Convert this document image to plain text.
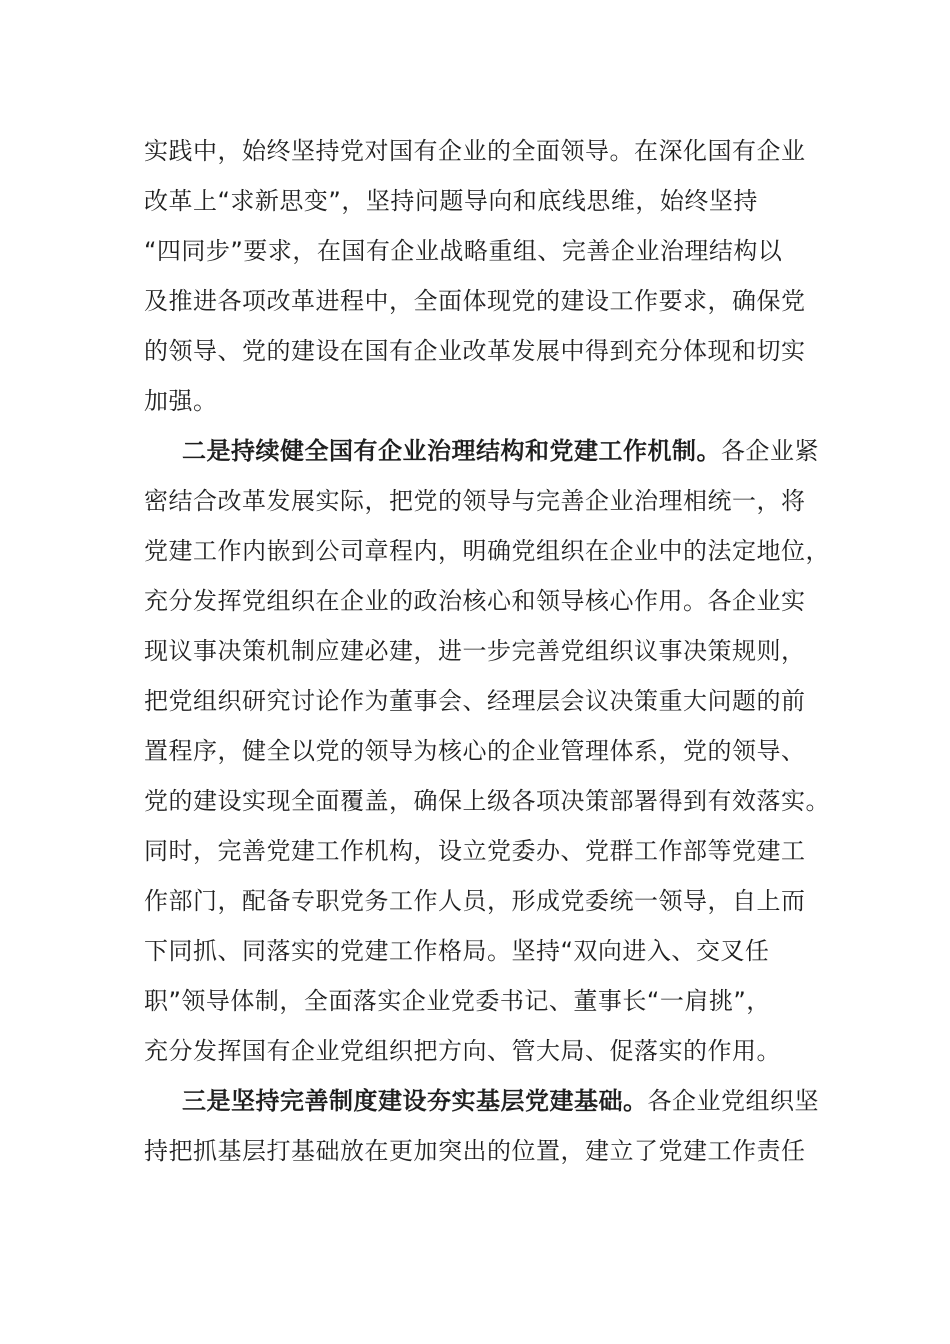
实践中，始终坚持党对国有企业的全面领导。在深化国有企业
改革上“求新思变”，坚持问题导向和底线思维，始终坚持
“四同步”要求，在国有企业战略重组、完善企业治理结构以
及推进各项改革进程中，全面体现党的建设工作要求，确保党
的领导、党的建设在国有企业改革发展中得到充分体现和切实
加强。
二是持续健全国有企业治理结构和党建工作机制。各企业紧
密结合改革发展实际，把党的领导与完善企业治理相统一，将
党建工作内嵌到公司章程内，明确党组织在企业中的法定地位，
充分发挥党组织在企业的政治核心和领导核心作用。各企业实
现议事决策机制应建必建，进一步完善党组织议事决策规则，
把党组织研究讨论作为董事会、经理层会议决策重大问题的前
置程序，健全以党的领导为核心的企业管理体系，党的领导、
党的建设实现全面覆盖，确保上级各项决策部署得到有效落实。
同时，完善党建工作机构，设立党委办、党群工作部等党建工
作部门，配备专职党务工作人员，形成党委统一领导，自上而
下同抓、同落实的党建工作格局。坚持“双向进入、交叉任
职”领导体制，全面落实企业党委书记、董事长“一肩挑”，
充分发挥国有企业党组织把方向、管大局、促落实的作用。
三是坚持完善制度建设夯实基层党建基础。各企业党组织坚
持把抓基层打基础放在更加突出的位置，建立了党建工作责任
